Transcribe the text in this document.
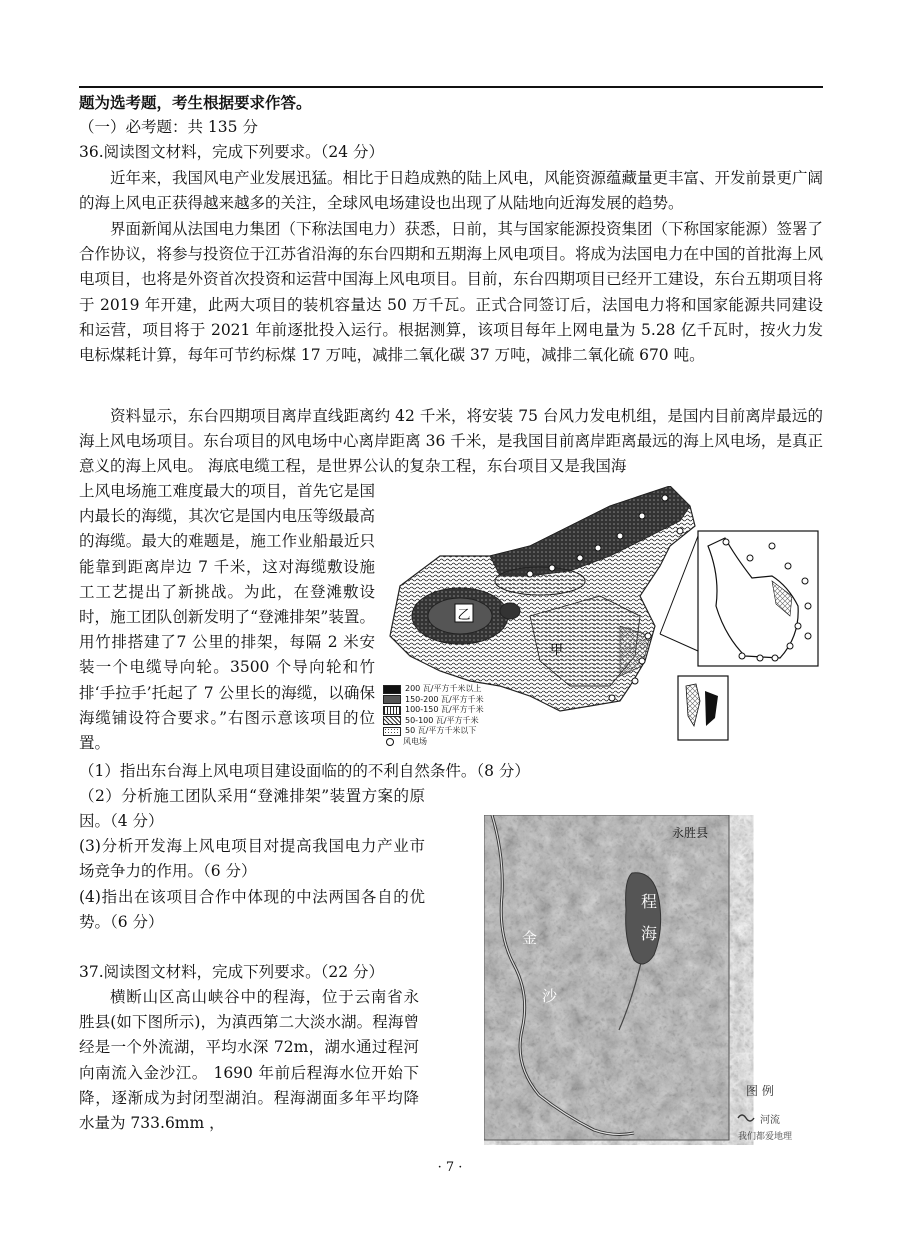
题为选考题，考生根据要求作答。
（一）必考题：共 135 分
36.阅读图文材料，完成下列要求。（24 分）
近年来，我国风电产业发展迅猛。相比于日趋成熟的陆上风电，风能资源蕴藏量更丰富、开发前景更广阔的海上风电正获得越来越多的关注，全球风电场建设也出现了从陆地向近海发展的趋势。
界面新闻从法国电力集团（下称法国电力）获悉，日前，其与国家能源投资集团（下称国家能源）签署了合作协议，将参与投资位于江苏省沿海的东台四期和五期海上风电项目。将成为法国电力在中国的首批海上风电项目，也将是外资首次投资和运营中国海上风电项目。目前，东台四期项目已经开工建设，东台五期项目将于 2019 年开建，此两大项目的装机容量达 50 万千瓦。正式合同签订后，法国电力将和国家能源共同建设和运营，项目将于 2021 年前逐批投入运行。根据测算，该项目每年上网电量为 5.28 亿千瓦时，按火力发电标煤耗计算，每年可节约标煤 17 万吨，减排二氧化碳 37 万吨，减排二氧化硫 670 吨。
资料显示，东台四期项目离岸直线距离约 42 千米，将安装 75 台风力发电机组，是国内目前离岸最远的海上风电场项目。东台项目的风电场中心离岸距离 36 千米，是我国目前离岸距离最远的海上风电场，是真正意义的海上风电。 海底电缆工程，是世界公认的复杂工程，东台项目又是我国海
上风电场施工难度最大的项目，首先它是国内最长的海缆，其次它是国内电压等级最高的海缆。最大的难题是，施工作业船最近只能靠到距离岸边 7 千米，这对海缆敷设施工工艺提出了新挑战。为此，在登滩敷设时，施工团队创新发明了“登滩排架”装置。用竹排搭建了7 公里的排架，每隔 2 米安装一个电缆导向轮。3500 个导向轮和竹排‘手拉手’托起了 7 公里长的海缆，以确保海缆铺设符合要求。”右图示意该项目的位置。
乙
甲
200 瓦/平方千米以上
150-200 瓦/平方千米
100-150 瓦/平方千米
50-100 瓦/平方千米
50 瓦/平方千米以下
风电场
（1）指出东台海上风电项目建设面临的的不利自然条件。（8 分）
（2）分析施工团队采用“登滩排架”装置方案的原因。（4 分）
(3)分析开发海上风电项目对提高我国电力产业市场竞争力的作用。（6 分）
(4)指出在该项目合作中体现的中法两国各自的优势。（6 分）
37.阅读图文材料，完成下列要求。（22 分）
横断山区高山峡谷中的程海，位于云南省永胜县(如下图所示)，为滇西第二大淡水湖。程海曾经是一个外流湖，平均水深 72m，湖水通过程河向南流入金沙江。 1690 年前后程海水位开始下降，逐渐成为封闭型湖泊。程海湖面多年平均降水量为 733.6mm ，
程
海
金
沙
永胜县
图 例
河流
我们都爱地理
· 7 ·
